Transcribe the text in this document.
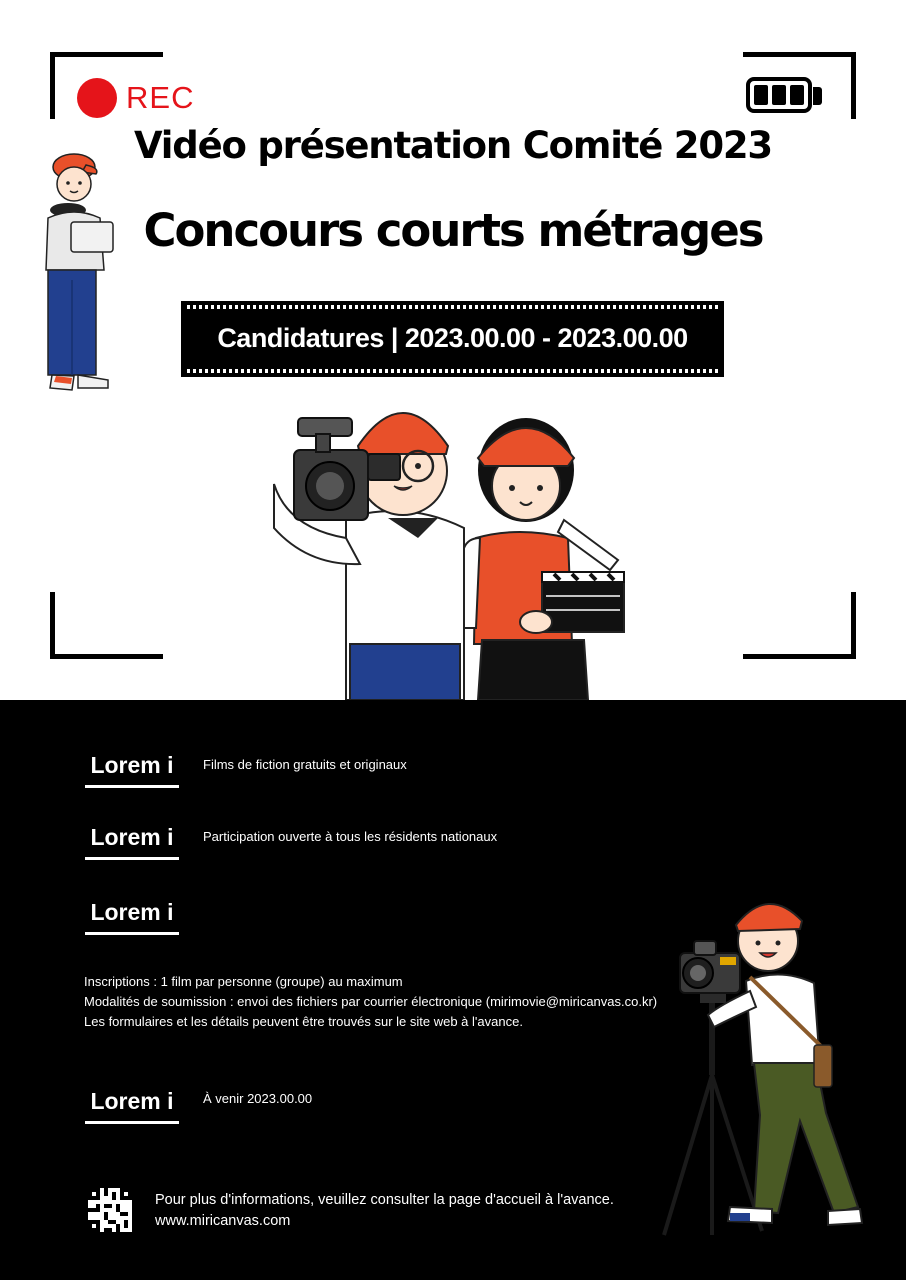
REC
Vidéo présentation Comité 2023
Concours courts métrages
Candidatures | 2023.00.00 - 2023.00.00
Lorem i	Films de fiction gratuits et originaux
Lorem i	Participation ouverte à tous les résidents nationaux
Lorem i
Inscriptions : 1 film par personne (groupe) au maximum
Modalités de soumission : envoi des fichiers par courrier électronique (mirimovie@miricanvas.co.kr)
Les formulaires et les détails peuvent être trouvés sur le site web à l'avance.
Lorem i	À venir 2023.00.00
Pour plus d'informations, veuillez consulter la page d'accueil à l'avance.
www.miricanvas.com
